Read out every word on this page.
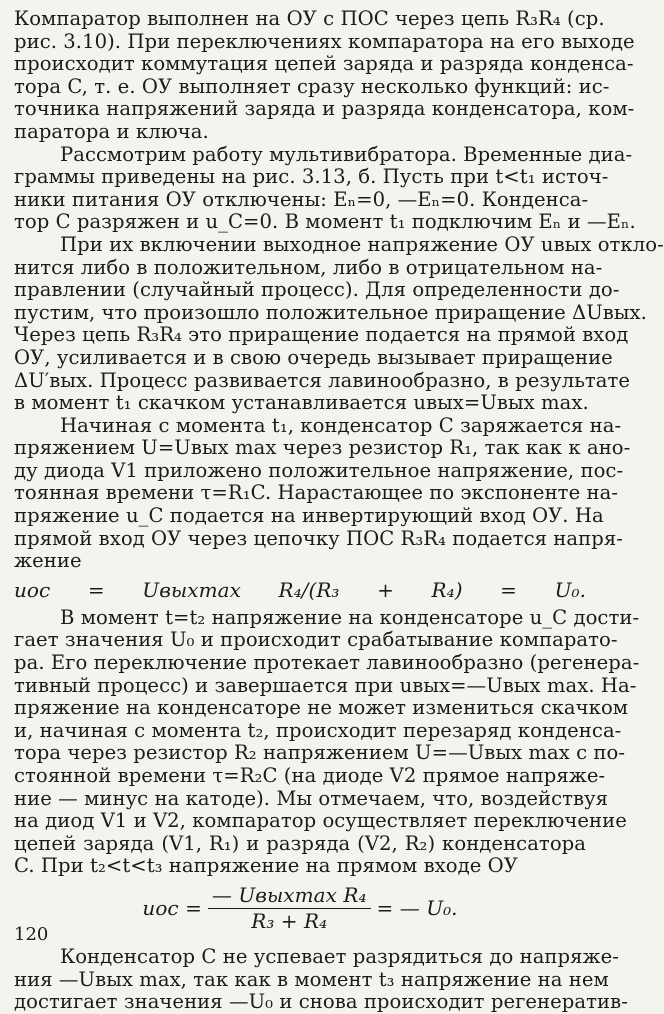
Компаратор выполнен на ОУ с ПОС через цепь R₃R₄ (ср.
рис. 3.10). При переключениях компаратора на его выходе
происходит коммутация цепей заряда и разряда конденса-
тора C, т. е. ОУ выполняет сразу несколько функций: ис-
точника напряжений заряда и разряда конденсатора, ком-
паратора и ключа.
Рассмотрим работу мультивибратора. Временные диа-
граммы приведены на рис. 3.13, б. Пусть при t<t₁ источ-
ники питания ОУ отключены: Eₙ=0, —Eₙ=0. Конденса-
тор C разряжен и u_C=0. В момент t₁ подключим Eₙ и —Eₙ.
При их включении выходное напряжение ОУ uвых откло-
нится либо в положительном, либо в отрицательном на-
правлении (случайный процесс). Для определенности до-
пустим, что произошло положительное приращение ΔUвых.
Через цепь R₃R₄ это приращение подается на прямой вход
ОУ, усиливается и в свою очередь вызывает приращение
ΔU′вых. Процесс развивается лавинообразно, в результате
в момент t₁ скачком устанавливается uвых=Uвых max.
Начиная с момента t₁, конденсатор C заряжается на-
пряжением U=Uвых max через резистор R₁, так как к ано-
ду диода V1 приложено положительное напряжение, пос-
тоянная времени τ=R₁C. Нарастающее по экспоненте на-
пряжение u_C подается на инвертирующий вход ОУ. На
прямой вход ОУ через цепочку ПОС R₃R₄ подается напря-
жение
uос = Uвыхmax R₄/(R₃ + R₄) = U₀.
В момент t=t₂ напряжение на конденсаторе u_C дости-
гает значения U₀ и происходит срабатывание компарато-
ра. Его переключение протекает лавинообразно (регенера-
тивный процесс) и завершается при uвых=—Uвых max. На-
пряжение на конденсаторе не может измениться скачком
и, начиная с момента t₂, происходит перезаряд конденса-
тора через резистор R₂ напряжением U=—Uвых max с по-
стоянной времени τ=R₂C (на диоде V2 прямое напряже-
ние — минус на катоде). Мы отмечаем, что, воздействуя
на диод V1 и V2, компаратор осуществляет переключение
цепей заряда (V1, R₁) и разряда (V2, R₂) конденсатора
C. При t₂<t<t₃ напряжение на прямом входе ОУ
uос = $\frac{\text{— Uвыхmax R₄}}{\text{R₃ + R₄}}$ = — U₀.
Конденсатор C не успевает разрядиться до напряже-
ния —Uвых max, так как в момент t₃ напряжение на нем
достигает значения —U₀ и снова происходит регенератив-
120
